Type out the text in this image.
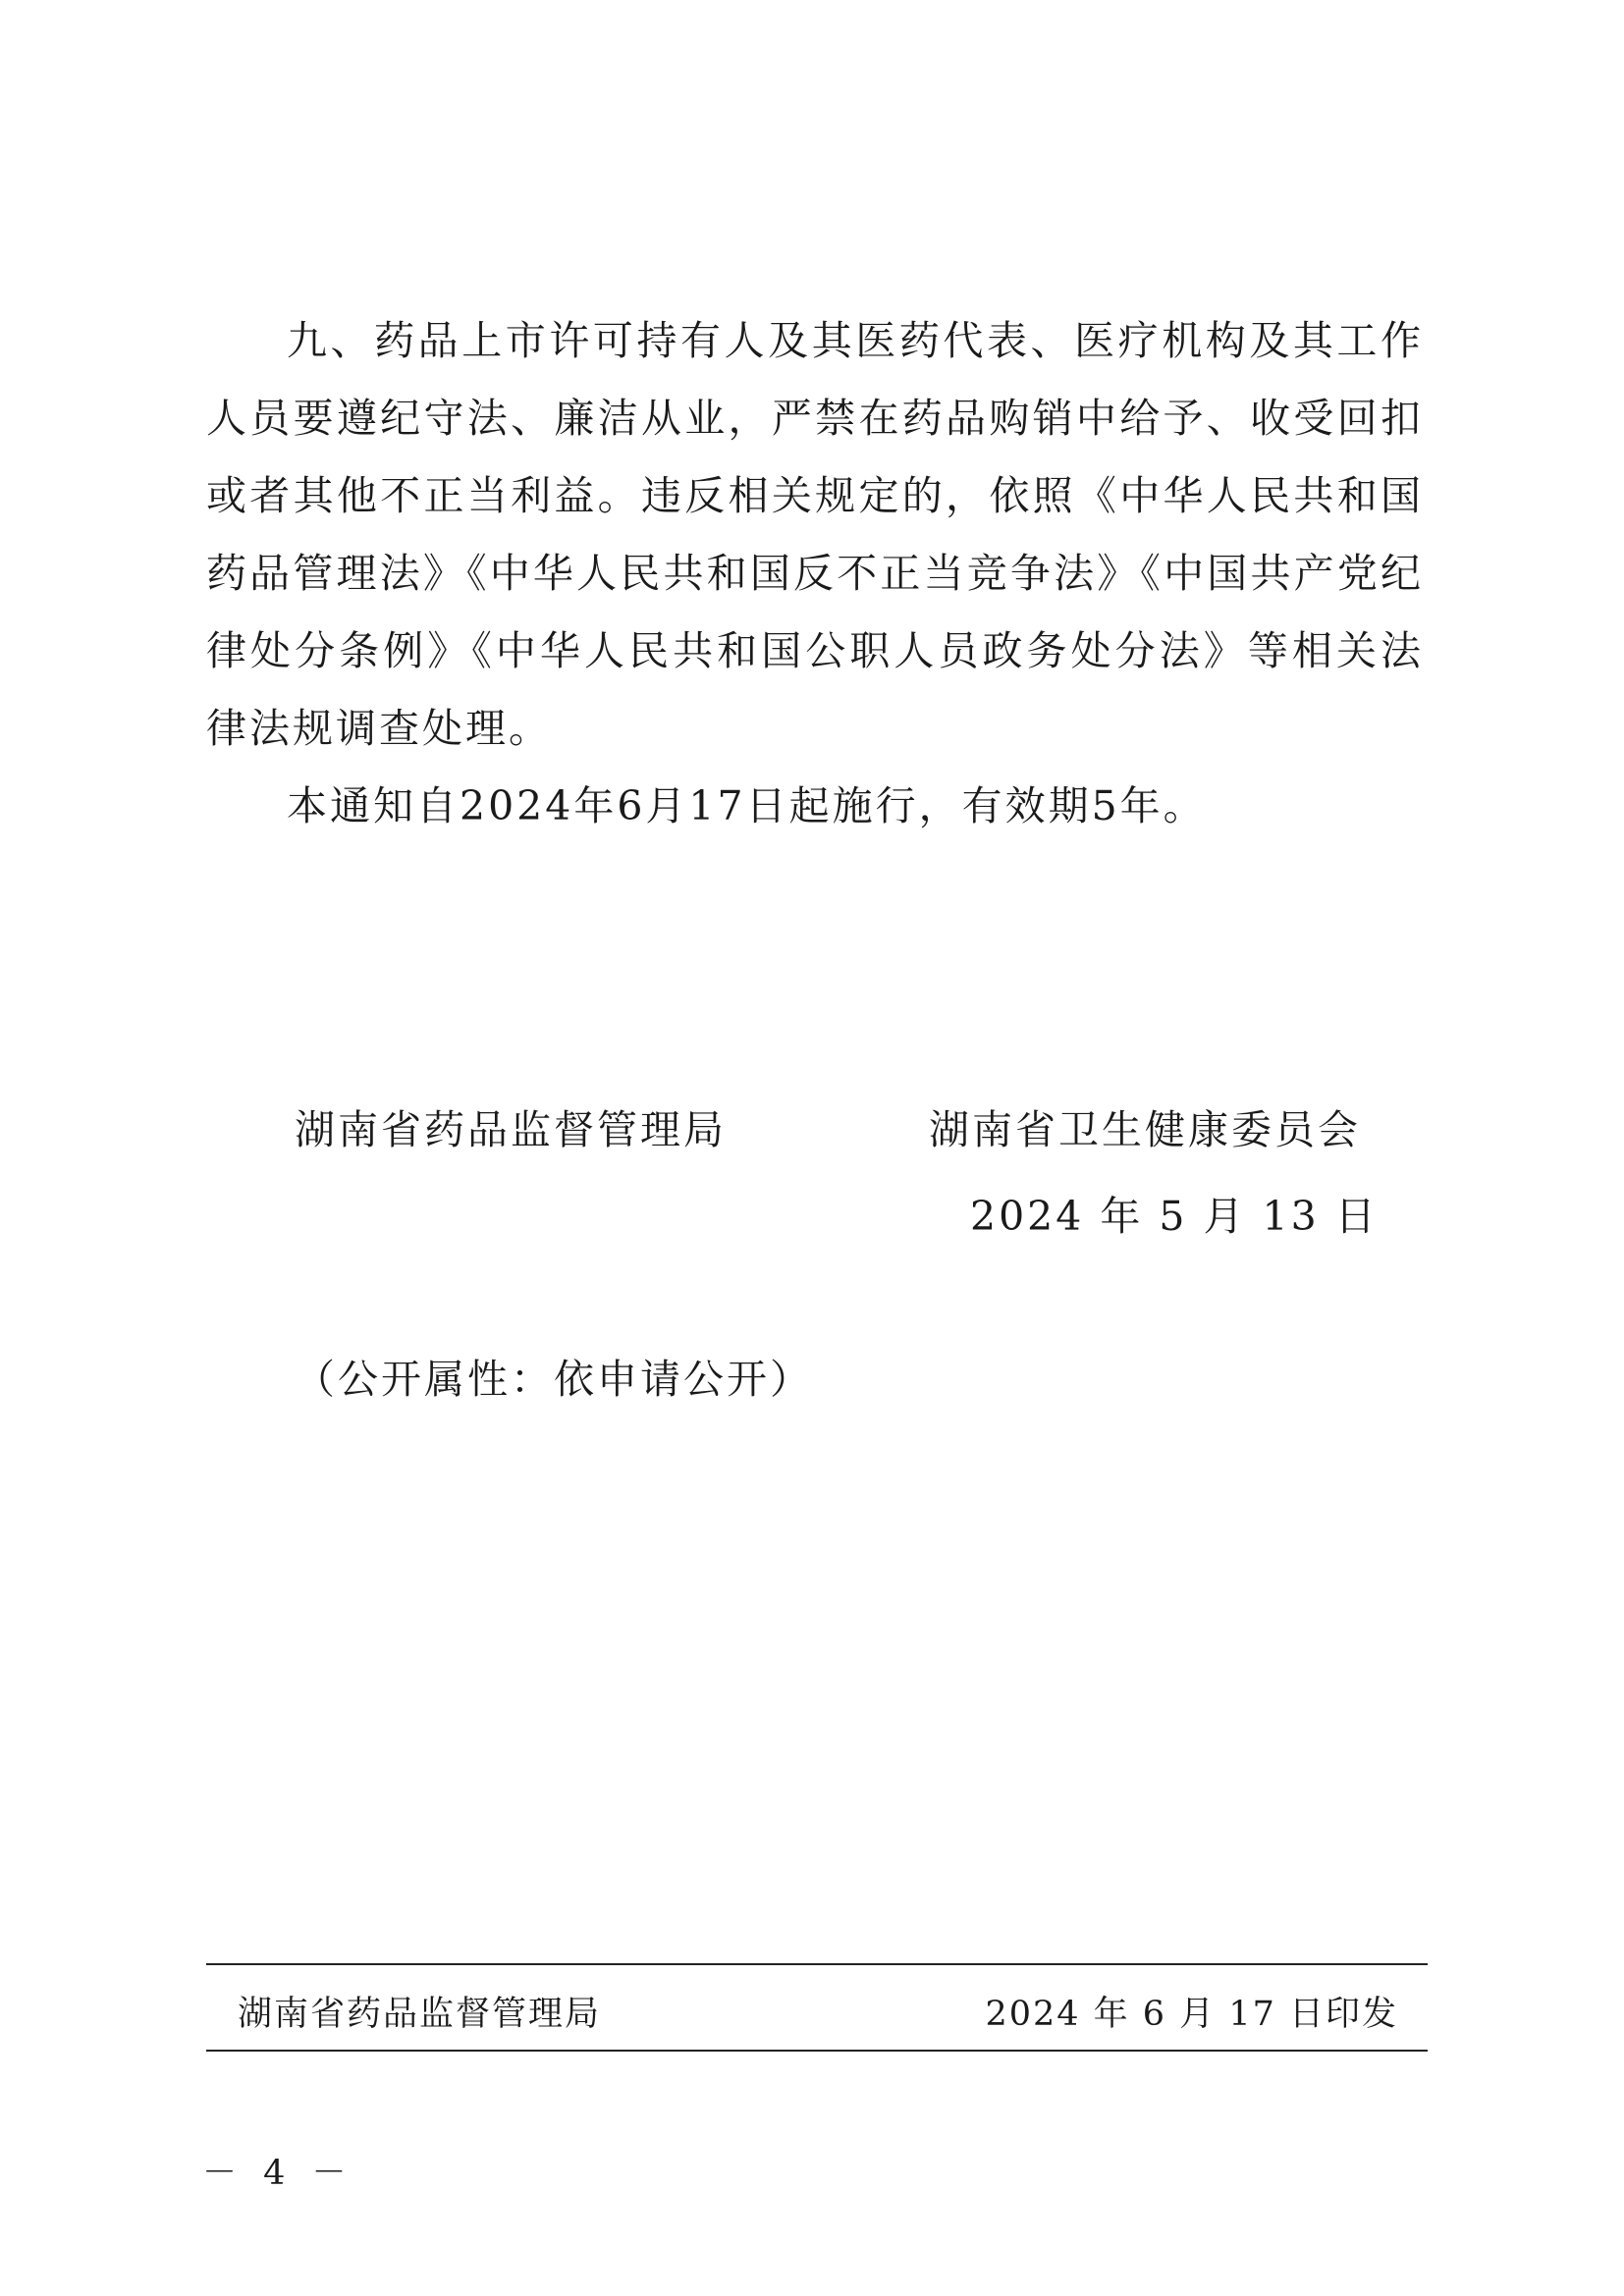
九、药品上市许可持有人及其医药代表、医疗机构及其工作人员要遵纪守法、廉洁从业，严禁在药品购销中给予、收受回扣或者其他不正当利益。违反相关规定的，依照《中华人民共和国药品管理法》《中华人民共和国反不正当竞争法》《中国共产党纪律处分条例》《中华人民共和国公职人员政务处分法》等相关法律法规调查处理。

本通知自2024年6月17日起施行，有效期5年。

湖南省药品监督管理局	湖南省卫生健康委员会
2024 年 5 月 13 日
（公开属性：依申请公开）
湖南省药品监督管理局	2024 年 6 月 17 日印发
－ 4 －
